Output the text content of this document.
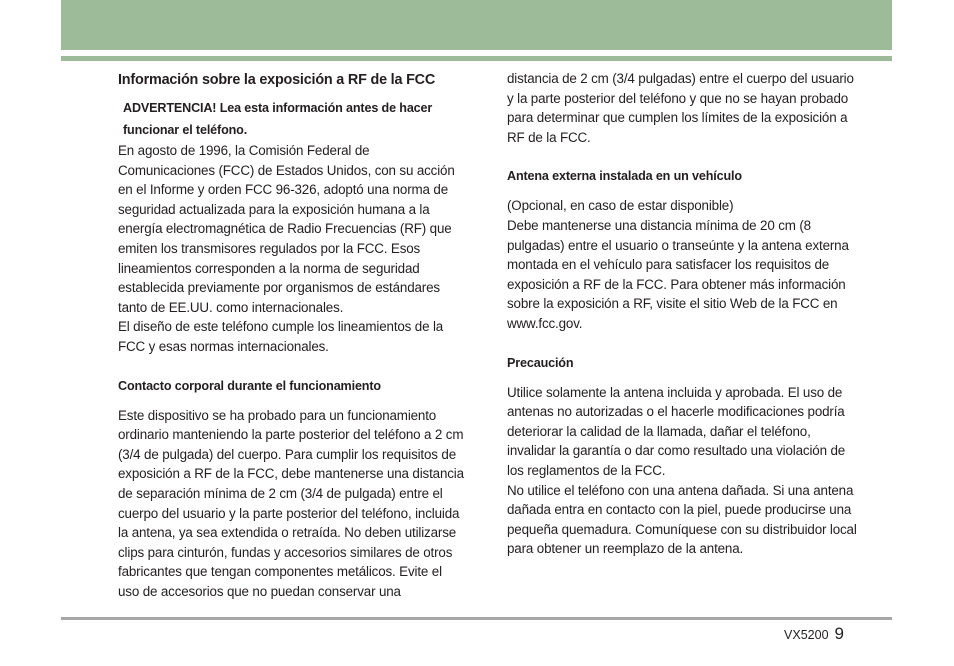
Información sobre la exposición a RF de la FCC

ADVERTENCIA! Lea esta información antes de hacer funcionar el teléfono.

En agosto de 1996, la Comisión Federal de Comunicaciones (FCC) de Estados Unidos, con su acción en el Informe y orden FCC 96-326, adoptó una norma de seguridad actualizada para la exposición humana a la energía electromagnética de Radio Frecuencias (RF) que emiten los transmisores regulados por la FCC. Esos lineamientos corresponden a la norma de seguridad establecida previamente por organismos de estándares tanto de EE.UU. como internacionales.

El diseño de este teléfono cumple los lineamientos de la FCC y esas normas internacionales.

Contacto corporal durante el funcionamiento

Este dispositivo se ha probado para un funcionamiento ordinario manteniendo la parte posterior del teléfono a 2 cm (3/4 de pulgada) del cuerpo. Para cumplir los requisitos de exposición a RF de la FCC, debe mantenerse una distancia de separación mínima de 2 cm (3/4 de pulgada) entre el cuerpo del usuario y la parte posterior del teléfono, incluida la antena, ya sea extendida o retraída. No deben utilizarse clips para cinturón, fundas y accesorios similares de otros fabricantes que tengan componentes metálicos. Evite el uso de accesorios que no puedan conservar una

distancia de 2 cm (3/4 pulgadas) entre el cuerpo del usuario y la parte posterior del teléfono y que no se hayan probado para determinar que cumplen los límites de la exposición a RF de la FCC.

Antena externa instalada en un vehículo

(Opcional, en caso de estar disponible)

Debe mantenerse una distancia mínima de 20 cm (8 pulgadas) entre el usuario o transeúnte y la antena externa montada en el vehículo para satisfacer los requisitos de exposición a RF de la FCC. Para obtener más información sobre la exposición a RF, visite el sitio Web de la FCC en www.fcc.gov.

Precaución

Utilice solamente la antena incluida y aprobada. El uso de antenas no autorizadas o el hacerle modificaciones podría deteriorar la calidad de la llamada, dañar el teléfono, invalidar la garantía o dar como resultado una violación de los reglamentos de la FCC.

No utilice el teléfono con una antena dañada. Si una antena dañada entra en contacto con la piel, puede producirse una pequeña quemadura. Comuníquese con su distribuidor local para obtener un reemplazo de la antena.

VX5200 9
